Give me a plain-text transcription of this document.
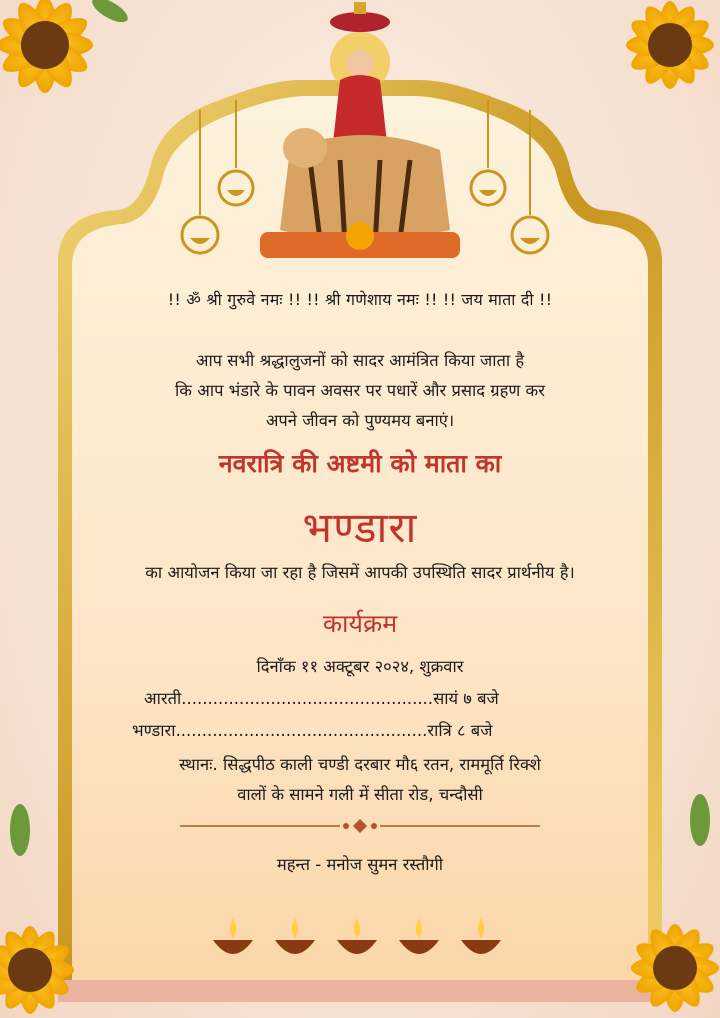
!! ॐ श्री गुरुवे नमः !! !! श्री गणेशाय नमः !! !! जय माता दी !!
आप सभी श्रद्धालुजनों को सादर आमंत्रित किया जाता है
कि आप भंडारे के पावन अवसर पर पधारें और प्रसाद ग्रहण कर
अपने जीवन को पुण्यमय बनाएं।
नवरात्रि की अष्टमी को माता का
भण्डारा
का आयोजन किया जा रहा है जिसमें आपकी उपस्थिति सादर प्रार्थनीय है।
कार्यक्रम
दिनाँक ११ अक्टूबर २०२४, शुक्रवार
आरती................................................सायं ७ बजे
भण्डारा................................................रात्रि ८ बजे
स्थानः. सिद्धपीठ काली चण्डी दरबार मौ६ रतन, राममूर्ति रिक्शे
वालों के सामने गली में सीता रोड, चन्दौसी
महन्त - मनोज सुमन रस्तौगी
